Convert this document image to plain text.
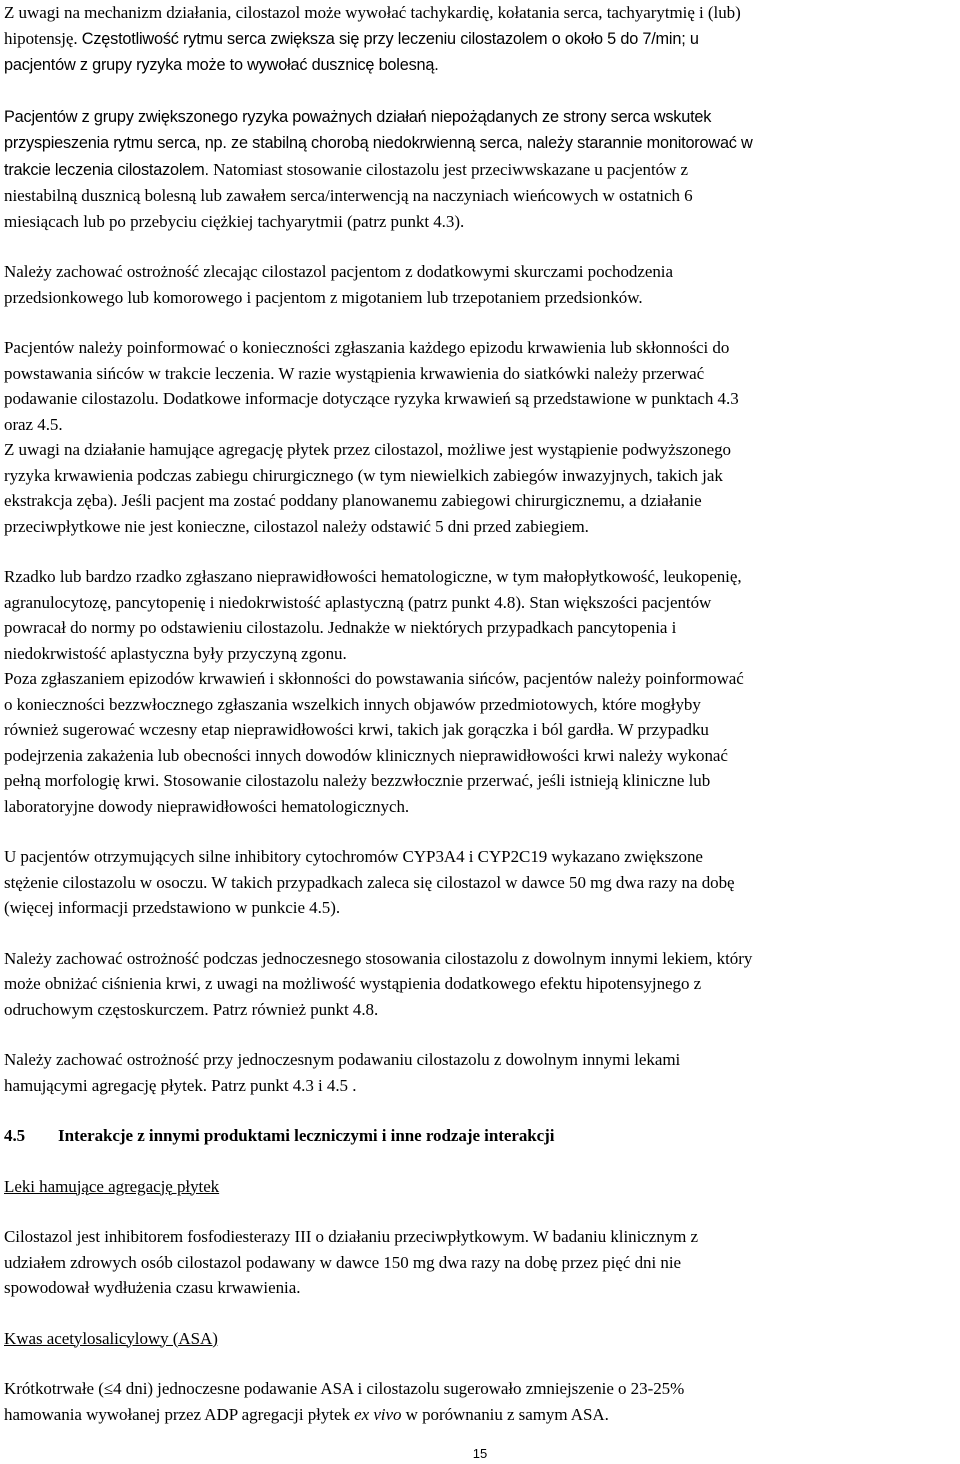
Z uwagi na mechanizm działania, cilostazol może wywołać tachykardię, kołatania serca, tachyarytmię i (lub)
hipotensję. Częstotliwość rytmu serca zwiększa się przy leczeniu cilostazolem o około 5 do 7/min; u
pacjentów z grupy ryzyka może to wywołać dusznicę bolesną.

Pacjentów z grupy zwiększonego ryzyka poważnych działań niepożądanych ze strony serca wskutek
przyspieszenia rytmu serca, np. ze stabilną chorobą niedokrwienną serca, należy starannie monitorować w
trakcie leczenia cilostazolem. Natomiast stosowanie cilostazolu jest przeciwwskazane u pacjentów z
niestabilną dusznicą bolesną lub zawałem serca/interwencją na naczyniach wieńcowych w ostatnich 6
miesiącach lub po przebyciu ciężkiej tachyarytmii (patrz punkt 4.3).

Należy zachować ostrożność zlecając cilostazol pacjentom z dodatkowymi skurczami pochodzenia
przedsionkowego lub komorowego i pacjentom z migotaniem lub trzepotaniem przedsionków.

Pacjentów należy poinformować o konieczności zgłaszania każdego epizodu krwawienia lub skłonności do
powstawania sińców w trakcie leczenia. W razie wystąpienia krwawienia do siatkówki należy przerwać
podawanie cilostazolu. Dodatkowe informacje dotyczące ryzyka krwawień są przedstawione w punktach 4.3
oraz 4.5.

Z uwagi na działanie hamujące agregację płytek przez cilostazol, możliwe jest wystąpienie podwyższonego
ryzyka krwawienia podczas zabiegu chirurgicznego (w tym niewielkich zabiegów inwazyjnych, takich jak
ekstrakcja zęba). Jeśli pacjent ma zostać poddany planowanemu zabiegowi chirurgicznemu, a działanie
przeciwpłytkowe nie jest konieczne, cilostazol należy odstawić 5 dni przed zabiegiem.

Rzadko lub bardzo rzadko zgłaszano nieprawidłowości hematologiczne, w tym małopłytkowość, leukopenię,
agranulocytozę, pancytopenię i niedokrwistość aplastyczną (patrz punkt 4.8). Stan większości pacjentów
powracał do normy po odstawieniu cilostazolu. Jednakże w niektórych przypadkach pancytopenia i
niedokrwistość aplastyczna były przyczyną zgonu.

Poza zgłaszaniem epizodów krwawień i skłonności do powstawania sińców, pacjentów należy poinformować
o konieczności bezzwłocznego zgłaszania wszelkich innych objawów przedmiotowych, które mogłyby
również sugerować wczesny etap nieprawidłowości krwi, takich jak gorączka i ból gardła. W przypadku
podejrzenia zakażenia lub obecności innych dowodów klinicznych nieprawidłowości krwi należy wykonać
pełną morfologię krwi. Stosowanie cilostazolu należy bezzwłocznie przerwać, jeśli istnieją kliniczne lub
laboratoryjne dowody nieprawidłowości hematologicznych.

U pacjentów otrzymujących silne inhibitory cytochromów CYP3A4 i CYP2C19 wykazano zwiększone
stężenie cilostazolu w osoczu. W takich przypadkach zaleca się cilostazol w dawce 50 mg dwa razy na dobę
(więcej informacji przedstawiono w punkcie 4.5).

Należy zachować ostrożność podczas jednoczesnego stosowania cilostazolu z dowolnym innymi lekiem, który
może obniżać ciśnienia krwi, z uwagi na możliwość wystąpienia dodatkowego efektu hipotensyjnego z
odruchowym częstoskurczem. Patrz również punkt 4.8.

Należy zachować ostrożność przy jednoczesnym podawaniu cilostazolu z dowolnym innymi lekami
hamującymi agregację płytek. Patrz punkt 4.3 i 4.5 .

4.5 Interakcje z innymi produktami leczniczymi i inne rodzaje interakcji

Leki hamujące agregację płytek

Cilostazol jest inhibitorem fosfodiesterazy III o działaniu przeciwpłytkowym. W badaniu klinicznym z
udziałem zdrowych osób cilostazol podawany w dawce 150 mg dwa razy na dobę przez pięć dni nie
spowodował wydłużenia czasu krwawienia.

Kwas acetylosalicylowy (ASA)

Krótkotrwałe (≤4 dni) jednoczesne podawanie ASA i cilostazolu sugerowało zmniejszenie o 23-25%
hamowania wywołanej przez ADP agregacji płytek ex vivo w porównaniu z samym ASA.

15
